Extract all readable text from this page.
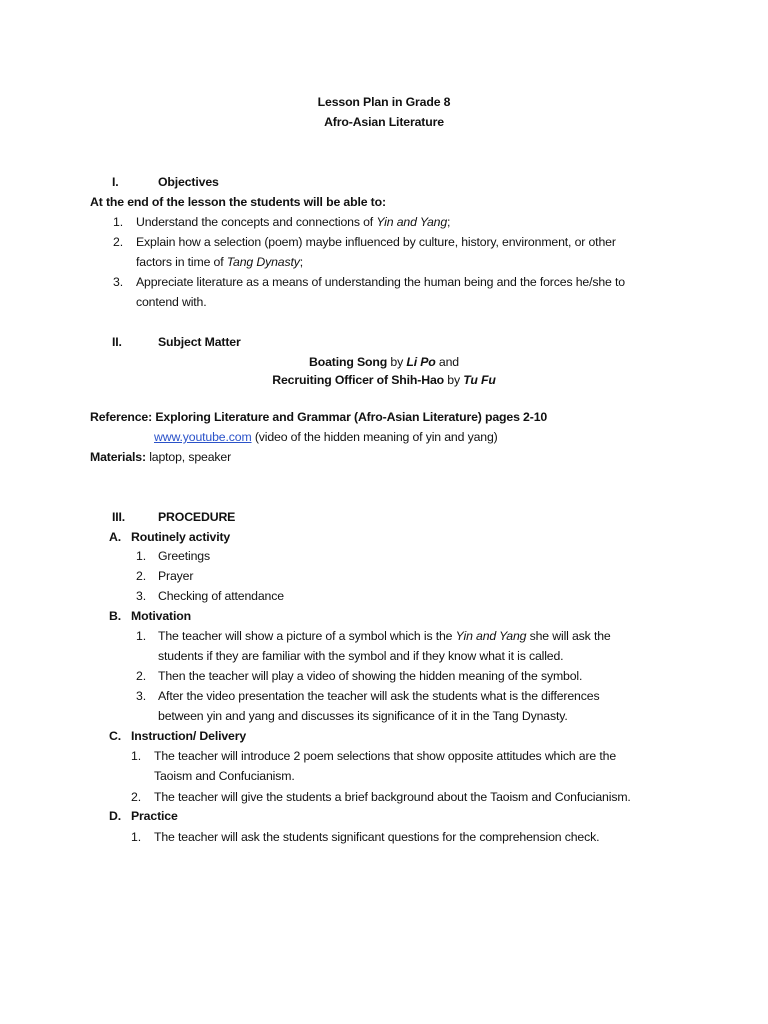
Lesson Plan in Grade 8
Afro-Asian Literature
I.	Objectives
At the end of the lesson the students will be able to:
1. Understand the concepts and connections of Yin and Yang;
2. Explain how a selection (poem) maybe influenced by culture, history, environment, or other
factors in time of Tang Dynasty;
3. Appreciate literature as a means of understanding the human being and the forces he/she to
contend with.
II.	Subject Matter
Boating Song by Li Po and
Recruiting Officer of Shih-Hao by Tu Fu
Reference: Exploring Literature and Grammar (Afro-Asian Literature) pages 2-10
www.youtube.com (video of the hidden meaning of yin and yang)
Materials: laptop, speaker
III.	PROCEDURE
A. Routinely activity
1. Greetings
2. Prayer
3. Checking of attendance
B. Motivation
1. The teacher will show a picture of a symbol which is the Yin and Yang she will ask the
students if they are familiar with the symbol and if they know what it is called.
2. Then the teacher will play a video of showing the hidden meaning of the symbol.
3. After the video presentation the teacher will ask the students what is the differences
between yin and yang and discusses its significance of it in the Tang Dynasty.
C. Instruction/ Delivery
1. The teacher will introduce 2 poem selections that show opposite attitudes which are the
Taoism and Confucianism.
2. The teacher will give the students a brief background about the Taoism and Confucianism.
D. Practice
1. The teacher will ask the students significant questions for the comprehension check.
